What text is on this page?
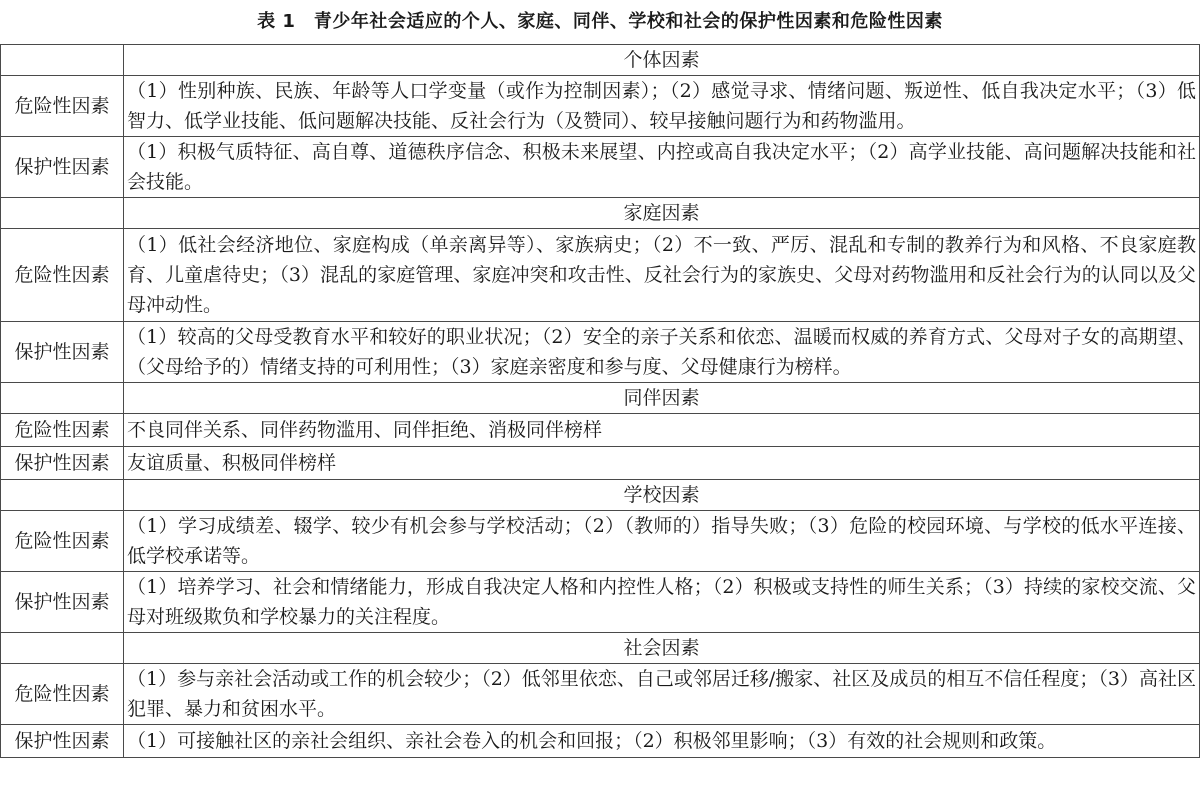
表 1　青少年社会适应的个人、家庭、同伴、学校和社会的保护性因素和危险性因素
	个体因素
危险性因素	（1）性别种族、民族、年龄等人口学变量（或作为控制因素）；（2）感觉寻求、情绪问题、叛逆性、低自我决定水平；（3）低智力、低学业技能、低问题解决技能、反社会行为（及赞同）、较早接触问题行为和药物滥用。
保护性因素	（1）积极气质特征、高自尊、道德秩序信念、积极未来展望、内控或高自我决定水平；（2）高学业技能、高问题解决技能和社会技能。
	家庭因素
危险性因素	（1）低社会经济地位、家庭构成（单亲离异等）、家族病史；（2）不一致、严厉、混乱和专制的教养行为和风格、不良家庭教育、儿童虐待史；（3）混乱的家庭管理、家庭冲突和攻击性、反社会行为的家族史、父母对药物滥用和反社会行为的认同以及父母冲动性。
保护性因素	（1）较高的父母受教育水平和较好的职业状况；（2）安全的亲子关系和依恋、温暖而权威的养育方式、父母对子女的高期望、（父母给予的）情绪支持的可利用性；（3）家庭亲密度和参与度、父母健康行为榜样。
	同伴因素
危险性因素	不良同伴关系、同伴药物滥用、同伴拒绝、消极同伴榜样
保护性因素	友谊质量、积极同伴榜样
	学校因素
危险性因素	（1）学习成绩差、辍学、较少有机会参与学校活动；（2）（教师的）指导失败；（3）危险的校园环境、与学校的低水平连接、低学校承诺等。
保护性因素	（1）培养学习、社会和情绪能力，形成自我决定人格和内控性人格；（2）积极或支持性的师生关系；（3）持续的家校交流、父母对班级欺负和学校暴力的关注程度。
	社会因素
危险性因素	（1）参与亲社会活动或工作的机会较少；（2）低邻里依恋、自己或邻居迁移/搬家、社区及成员的相互不信任程度；（3）高社区犯罪、暴力和贫困水平。
保护性因素	（1）可接触社区的亲社会组织、亲社会卷入的机会和回报；（2）积极邻里影响；（3）有效的社会规则和政策。
